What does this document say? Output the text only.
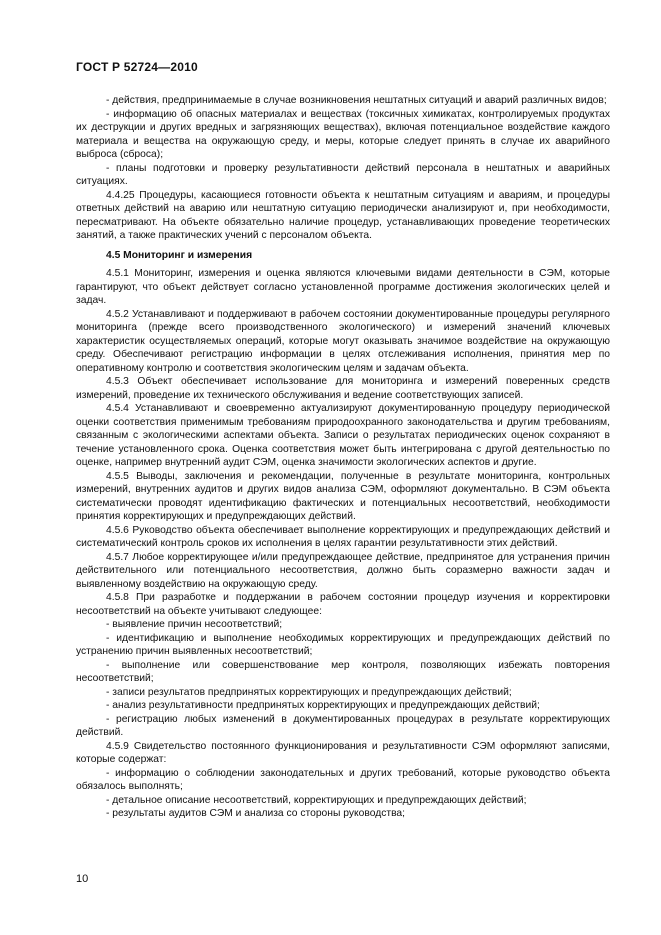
ГОСТ Р 52724—2010

- действия, предпринимаемые в случае возникновения нештатных ситуаций и аварий различных видов;

- информацию об опасных материалах и веществах (токсичных химикатах, контролируемых продуктах их деструкции и других вредных и загрязняющих веществах), включая потенциальное воздействие каждого материала и вещества на окружающую среду, и меры, которые следует принять в случае их аварийного выброса (сброса);

- планы подготовки и проверку результативности действий персонала в нештатных и аварийных ситуациях.

4.4.25 Процедуры, касающиеся готовности объекта к нештатным ситуациям и авариям, и процедуры ответных действий на аварию или нештатную ситуацию периодически анализируют и, при необходимости, пересматривают. На объекте обязательно наличие процедур, устанавливающих проведение теоретических занятий, а также практических учений с персоналом объекта.

4.5 Мониторинг и измерения

4.5.1 Мониторинг, измерения и оценка являются ключевыми видами деятельности в СЭМ, которые гарантируют, что объект действует согласно установленной программе достижения экологических целей и задач.

4.5.2 Устанавливают и поддерживают в рабочем состоянии документированные процедуры регулярного мониторинга (прежде всего производственного экологического) и измерений значений ключевых характеристик осуществляемых операций, которые могут оказывать значимое воздействие на окружающую среду. Обеспечивают регистрацию информации в целях отслеживания исполнения, принятия мер по оперативному контролю и соответствия экологическим целям и задачам объекта.

4.5.3 Объект обеспечивает использование для мониторинга и измерений поверенных средств измерений, проведение их технического обслуживания и ведение соответствующих записей.

4.5.4 Устанавливают и своевременно актуализируют документированную процедуру периодической оценки соответствия применимым требованиям природоохранного законодательства и другим требованиям, связанным с экологическими аспектами объекта. Записи о результатах периодических оценок сохраняют в течение установленного срока. Оценка соответствия может быть интегрирована с другой деятельностью по оценке, например внутренний аудит СЭМ, оценка значимости экологических аспектов и другие.

4.5.5 Выводы, заключения и рекомендации, полученные в результате мониторинга, контрольных измерений, внутренних аудитов и других видов анализа СЭМ, оформляют документально. В СЭМ объекта систематически проводят идентификацию фактических и потенциальных несоответствий, необходимости принятия корректирующих и предупреждающих действий.

4.5.6 Руководство объекта обеспечивает выполнение корректирующих и предупреждающих действий и систематический контроль сроков их исполнения в целях гарантии результативности этих действий.

4.5.7 Любое корректирующее и/или предупреждающее действие, предпринятое для устранения причин действительного или потенциального несоответствия, должно быть соразмерно важности задач и выявленному воздействию на окружающую среду.

4.5.8 При разработке и поддержании в рабочем состоянии процедур изучения и корректировки несоответствий на объекте учитывают следующее:

- выявление причин несоответствий;

- идентификацию и выполнение необходимых корректирующих и предупреждающих действий по устранению причин выявленных несоответствий;

- выполнение или совершенствование мер контроля, позволяющих избежать повторения несоответствий;

- записи результатов предпринятых корректирующих и предупреждающих действий;

- анализ результативности предпринятых корректирующих и предупреждающих действий;

- регистрацию любых изменений в документированных процедурах в результате корректирующих действий.

4.5.9 Свидетельство постоянного функционирования и результативности СЭМ оформляют записями, которые содержат:

- информацию о соблюдении законодательных и других требований, которые руководство объекта обязалось выполнять;

- детальное описание несоответствий, корректирующих и предупреждающих действий;

- результаты аудитов СЭМ и анализа со стороны руководства;

10
